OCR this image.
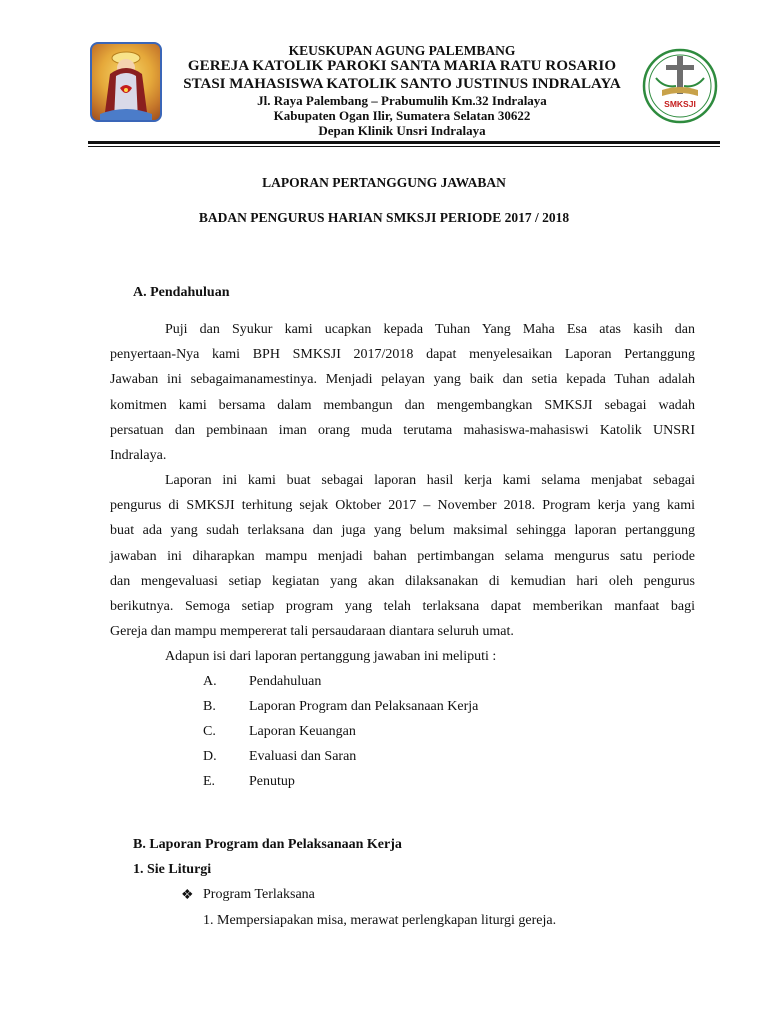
SMKSJI
KEUSKUPAN AGUNG PALEMBANG
GEREJA KATOLIK PAROKI SANTA MARIA RATU ROSARIO
STASI MAHASISWA KATOLIK SANTO JUSTINUS INDRALAYA
Jl. Raya Palembang – Prabumulih Km.32 Indralaya
Kabupaten Ogan Ilir, Sumatera Selatan 30622
Depan Klinik Unsri Indralaya
LAPORAN PERTANGGUNG JAWABAN
BADAN PENGURUS HARIAN SMKSJI PERIODE 2017 / 2018
A. Pendahuluan
Puji dan Syukur kami ucapkan kepada Tuhan Yang Maha Esa atas kasih dan
penyertaan-Nya kami BPH SMKSJI 2017/2018 dapat menyelesaikan Laporan Pertanggung
Jawaban ini sebagaimanamestinya. Menjadi pelayan yang baik dan setia kepada Tuhan adalah
komitmen kami bersama dalam membangun dan mengembangkan SMKSJI sebagai wadah
persatuan dan pembinaan iman orang muda terutama mahasiswa-mahasiswi Katolik UNSRI
Indralaya.
Laporan ini kami buat sebagai laporan hasil kerja kami selama menjabat sebagai
pengurus di SMKSJI terhitung sejak Oktober 2017 – November 2018. Program kerja yang kami
buat ada yang sudah terlaksana dan juga yang belum maksimal sehingga laporan pertanggung
jawaban ini diharapkan mampu menjadi bahan pertimbangan selama mengurus satu periode
dan mengevaluasi setiap kegiatan yang akan dilaksanakan di kemudian hari oleh pengurus
berikutnya. Semoga setiap program yang telah terlaksana dapat memberikan manfaat bagi
Gereja dan mampu mempererat tali persaudaraan diantara seluruh umat.
Adapun isi dari laporan pertanggung jawaban ini meliputi :
A. Pendahuluan
B. Laporan Program dan Pelaksanaan Kerja
C. Laporan Keuangan
D. Evaluasi dan Saran
E. Penutup
B. Laporan Program dan Pelaksanaan Kerja
1. Sie Liturgi
❖ Program Terlaksana
1. Mempersiapakan misa, merawat perlengkapan liturgi gereja.
